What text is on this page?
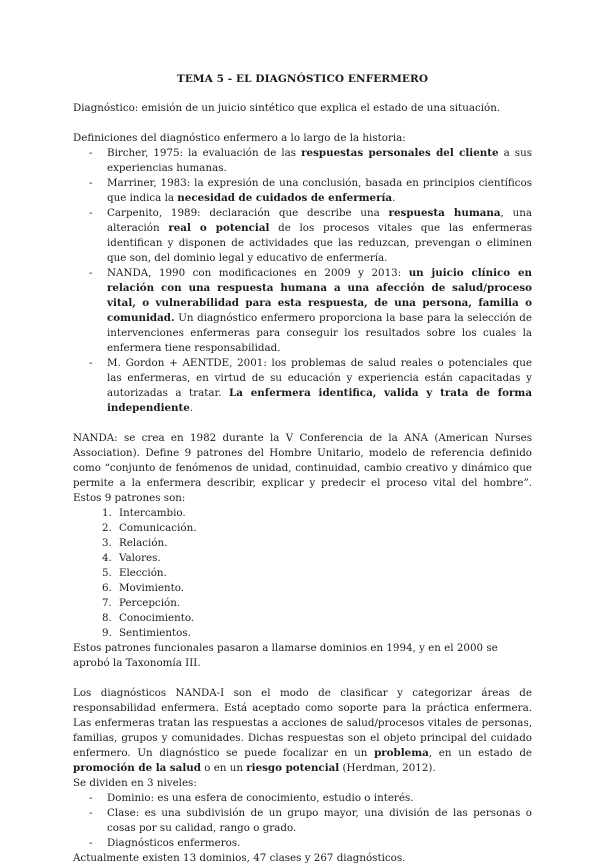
TEMA 5 - EL DIAGNÓSTICO ENFERMERO

Diagnóstico: emisión de un juicio sintético que explica el estado de una situación.

Definiciones del diagnóstico enfermero a lo largo de la historia:

- Bircher, 1975: la evaluación de las respuestas personales del cliente a sus experiencias humanas.
- Marriner, 1983: la expresión de una conclusión, basada en principios científicos que indica la necesidad de cuidados de enfermería.
- Carpenito, 1989: declaración que describe una respuesta humana, una alteración real o potencial de los procesos vitales que las enfermeras identifican y disponen de actividades que las reduzcan, prevengan o eliminen que son, del dominio legal y educativo de enfermería.
- NANDA, 1990 con modificaciones en 2009 y 2013: un juicio clínico en relación con una respuesta humana a una afección de salud/proceso vital, o vulnerabilidad para esta respuesta, de una persona, familia o comunidad. Un diagnóstico enfermero proporciona la base para la selección de intervenciones enfermeras para conseguir los resultados sobre los cuales la enfermera tiene responsabilidad.
- M. Gordon + AENTDE, 2001: los problemas de salud reales o potenciales que las enfermeras, en virtud de su educación y experiencia están capacitadas y autorizadas a tratar. La enfermera identifica, valida y trata de forma independiente.

NANDA: se crea en 1982 durante la V Conferencia de la ANA (American Nurses Association). Define 9 patrones del Hombre Unitario, modelo de referencia definido como “conjunto de fenómenos de unidad, continuidad, cambio creativo y dinámico que permite a la enfermera describir, explicar y predecir el proceso vital del hombre”. Estos 9 patrones son:

1. Intercambio.
2. Comunicación.
3. Relación.
4. Valores.
5. Elección.
6. Movimiento.
7. Percepción.
8. Conocimiento.
9. Sentimientos.

Estos patrones funcionales pasaron a llamarse dominios en 1994, y en el 2000 se aprobó la Taxonomía III.

Los diagnósticos NANDA-I son el modo de clasificar y categorizar áreas de responsabilidad enfermera. Está aceptado como soporte para la práctica enfermera. Las enfermeras tratan las respuestas a acciones de salud/procesos vitales de personas, familias, grupos y comunidades. Dichas respuestas son el objeto principal del cuidado enfermero. Un diagnóstico se puede focalizar en un problema, en un estado de promoción de la salud o en un riesgo potencial (Herdman, 2012).

Se dividen en 3 niveles:

- Dominio: es una esfera de conocimiento, estudio o interés.
- Clase: es una subdivisión de un grupo mayor, una división de las personas o cosas por su calidad, rango o grado.
- Diagnósticos enfermeros.

Actualmente existen 13 dominios, 47 clases y 267 diagnósticos.
